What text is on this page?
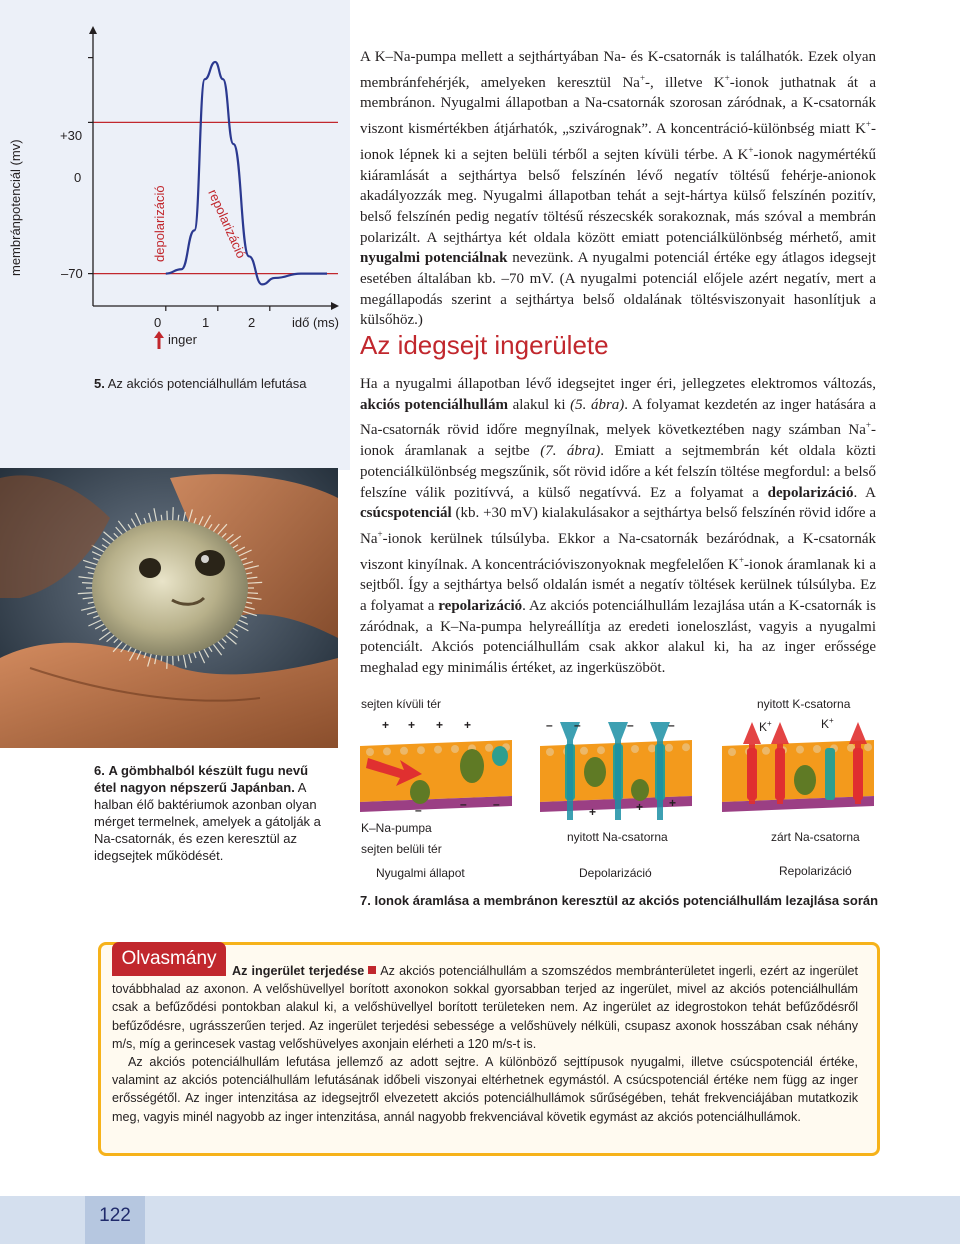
membránpotenciál (mv)
+30
0
–70
0	1	2	idő (ms)
inger
depolarizáció	repolarizáció
5. Az akciós potenciálhullám lefutása

A K–Na-pumpa mellett a sejthártyában Na- és K-csatornák is találhatók. Ezek olyan membránfehérjék, amelyeken keresztül Na+-, illetve K+-ionok juthatnak át a membránon. Nyugalmi állapotban a Na-csatornák szorosan záródnak, a K-csatornák viszont kismértékben átjárhatók, „szivárognak”. A koncentráció-különbség miatt K+-ionok lépnek ki a sejten belüli térből a sejten kívüli térbe. A K+-ionok nagymértékű kiáramlását a sejthártya belső felszínén lévő negatív töltésű fehérje-anionok akadályozzák meg. Nyugalmi állapotban tehát a sejt-hártya külső felszínén pozitív, belső felszínén pedig negatív töltésű részecskék sorakoznak, más szóval a membrán polarizált. A sejthártya két oldala között emiatt potenciálkülönbség mérhető, amit nyugalmi potenciálnak nevezünk. A nyugalmi potenciál értéke egy átlagos idegsejt esetében általában kb. –70 mV. (A nyugalmi potenciál előjele azért negatív, mert a megállapodás szerint a sejthártya belső oldalának töltésviszonyait hasonlítjuk a külsőhöz.)

Az idegsejt ingerülete

Ha a nyugalmi állapotban lévő idegsejtet inger éri, jellegzetes elektromos változás, akciós potenciálhullám alakul ki (5. ábra). A folyamat kezdetén az inger hatására a Na-csatornák rövid időre megnyílnak, melyek következtében nagy számban Na+-ionok áramlanak a sejtbe (7. ábra). Emiatt a sejtmembrán két oldala közti potenciálkülönbség megszűnik, sőt rövid időre a két felszín töltése megfordul: a belső felszíne válik pozitívvá, a külső negatívvá. Ez a folyamat a depolarizáció. A csúcspotenciál (kb. +30 mV) kialakulásakor a sejthártya belső felszínén rövid időre a Na+-ionok kerülnek túlsúlyba. Ekkor a Na-csatornák bezáródnak, a K-csatornák viszont kinyílnak. A koncentrációviszonyoknak megfelelően K+-ionok áramlanak ki a sejtből. Így a sejthártya belső oldalán ismét a negatív töltések kerülnek túlsúlyba. Ez a folyamat a repolarizáció. Az akciós potenciálhullám lezajlása után a K-csatornák is záródnak, a K–Na-pumpa helyreállítja az eredeti ioneloszlást, vagyis a nyugalmi potenciált. Akciós potenciálhullám csak akkor alakul ki, ha az inger erőssége meghalad egy minimális értéket, az ingerküszöböt.

6. A gömbhalból készült fugu nevű étel nagyon népszerű Japánban. A halban élő baktériumok azonban olyan mérget termelnek, amelyek a gátolják a Na-csatornák, és ezen keresztül az idegsejtek működését.
sejten kívüli tér	nyitott K-csatorna
K+	K+
+ + + +	– –	–	–
–	– –
+	+ +
K–Na-pumpa
sejten belüli tér
nyitott Na-csatorna	zárt Na-csatorna
Nyugalmi állapot	Depolarizáció	Repolarizáció
7. Ionok áramlása a membránon keresztül az akciós potenciálhullám lezajlása során
Olvasmány

Az ingerület terjedése Az akciós potenciálhullám a szomszédos membránterületet ingerli, ezért az ingerület továbbhalad az axonon. A velőshüvellyel borított axonokon sokkal gyorsabban terjed az ingerület, mivel az akciós potenciálhullám csak a befűződési pontokban alakul ki, a velőshüvellyel borított területeken nem. Az ingerület az idegrostokon tehát befűződésről befűződésre, ugrásszerűen terjed. Az ingerület terjedési sebessége a velőshüvely nélküli, csupasz axonok hosszában csak néhány m/s, míg a gerincesek vastag velőshüvelyes axonjain elérheti a 120 m/s-t is.

Az akciós potenciálhullám lefutása jellemző az adott sejtre. A különböző sejttípusok nyugalmi, illetve csúcspotenciál értéke, valamint az akciós potenciálhullám lefutásának időbeli viszonyai eltérhetnek egymástól. A csúcspotenciál értéke nem függ az inger erősségétől. Az inger intenzitása az idegsejtről elvezetett akciós potenciálhullámok sűrűségében, tehát frekvenciájában mutatkozik meg, vagyis minél nagyobb az inger intenzitása, annál nagyobb frekvenciával követik egymást az akciós potenciálhullámok.

122
